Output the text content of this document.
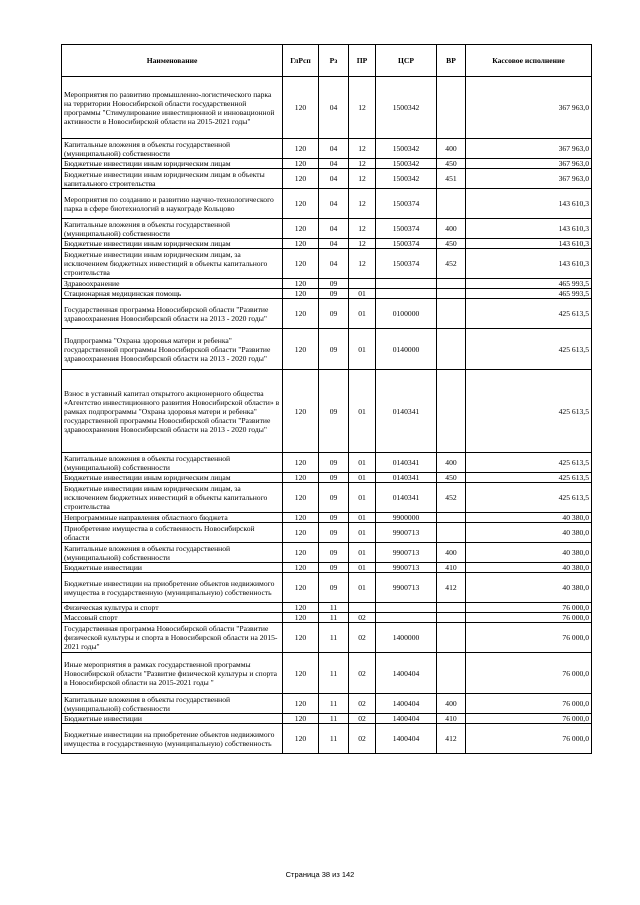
Наименование	ГлРсп	Рз	ПР	ЦСР	ВР	Кассовое исполнение
Мероприятия по развитию промышленно-логистического парка на территории Новосибирской области государственной программы "Стимулирование инвестиционной и инновационной активности в Новосибирской области на 2015-2021 годы"	120	04	12	1500342		367 963,0
Капитальные вложения в объекты государственной (муниципальной) собственности	120	04	12	1500342	400	367 963,0
Бюджетные инвестиции иным юридическим лицам	120	04	12	1500342	450	367 963,0
Бюджетные инвестиции иным юридическим лицам в объекты капитального строительства	120	04	12	1500342	451	367 963,0
Мероприятия по созданию и развитию научно-технологического парка в сфере биотехнологий в наукограде Кольцово	120	04	12	1500374		143 610,3
Капитальные вложения в объекты государственной (муниципальной) собственности	120	04	12	1500374	400	143 610,3
Бюджетные инвестиции иным юридическим лицам	120	04	12	1500374	450	143 610,3
Бюджетные инвестиции иным юридическим лицам, за исключением бюджетных инвестиций в объекты капитального строительства	120	04	12	1500374	452	143 610,3
Здравоохранение	120	09				465 993,5
Стационарная медицинская помощь	120	09	01			465 993,5
Государственная программа Новосибирской области "Развитие здравоохранения Новосибирской области на 2013 - 2020 годы"	120	09	01	0100000		425 613,5
Подпрограмма "Охрана здоровья матери и ребенка" государственной программы Новосибирской области "Развитие здравоохранения Новосибирской области на 2013 - 2020 годы"	120	09	01	0140000		425 613,5
Взнос в уставный капитал открытого акционерного общества «Агентство инвестиционного развития Новосибирской области» в рамках подпрограммы "Охрана здоровья матери и ребенка" государственной программы Новосибирской области "Развитие здравоохранения Новосибирской области на 2013 - 2020 годы"	120	09	01	0140341		425 613,5
Капитальные вложения в объекты государственной (муниципальной) собственности	120	09	01	0140341	400	425 613,5
Бюджетные инвестиции иным юридическим лицам	120	09	01	0140341	450	425 613,5
Бюджетные инвестиции иным юридическим лицам, за исключением бюджетных инвестиций в объекты капитального строительства	120	09	01	0140341	452	425 613,5
Непрограммные направления областного бюджета	120	09	01	9900000		40 380,0
Приобретение имущества в собственность Новосибирской области	120	09	01	9900713		40 380,0
Капитальные вложения в объекты государственной (муниципальной) собственности	120	09	01	9900713	400	40 380,0
Бюджетные инвестиции	120	09	01	9900713	410	40 380,0
Бюджетные инвестиции на приобретение объектов недвижимого имущества в государственную (муниципальную) собственность	120	09	01	9900713	412	40 380,0
Физическая культура и спорт	120	11				76 000,0
Массовый спорт	120	11	02			76 000,0
Государственная программа Новосибирской области "Развитие физической культуры и спорта в Новосибирской области на 2015-2021 годы"	120	11	02	1400000		76 000,0
Иные мероприятия в рамках государственной программы Новосибирской области "Развитие физической культуры и спорта в Новосибирской области на 2015-2021 годы "	120	11	02	1400404		76 000,0
Капитальные вложения в объекты государственной (муниципальной) собственности	120	11	02	1400404	400	76 000,0
Бюджетные инвестиции	120	11	02	1400404	410	76 000,0
Бюджетные инвестиции на приобретение объектов недвижимого имущества в государственную (муниципальную) собственность	120	11	02	1400404	412	76 000,0
Страница 38 из 142
